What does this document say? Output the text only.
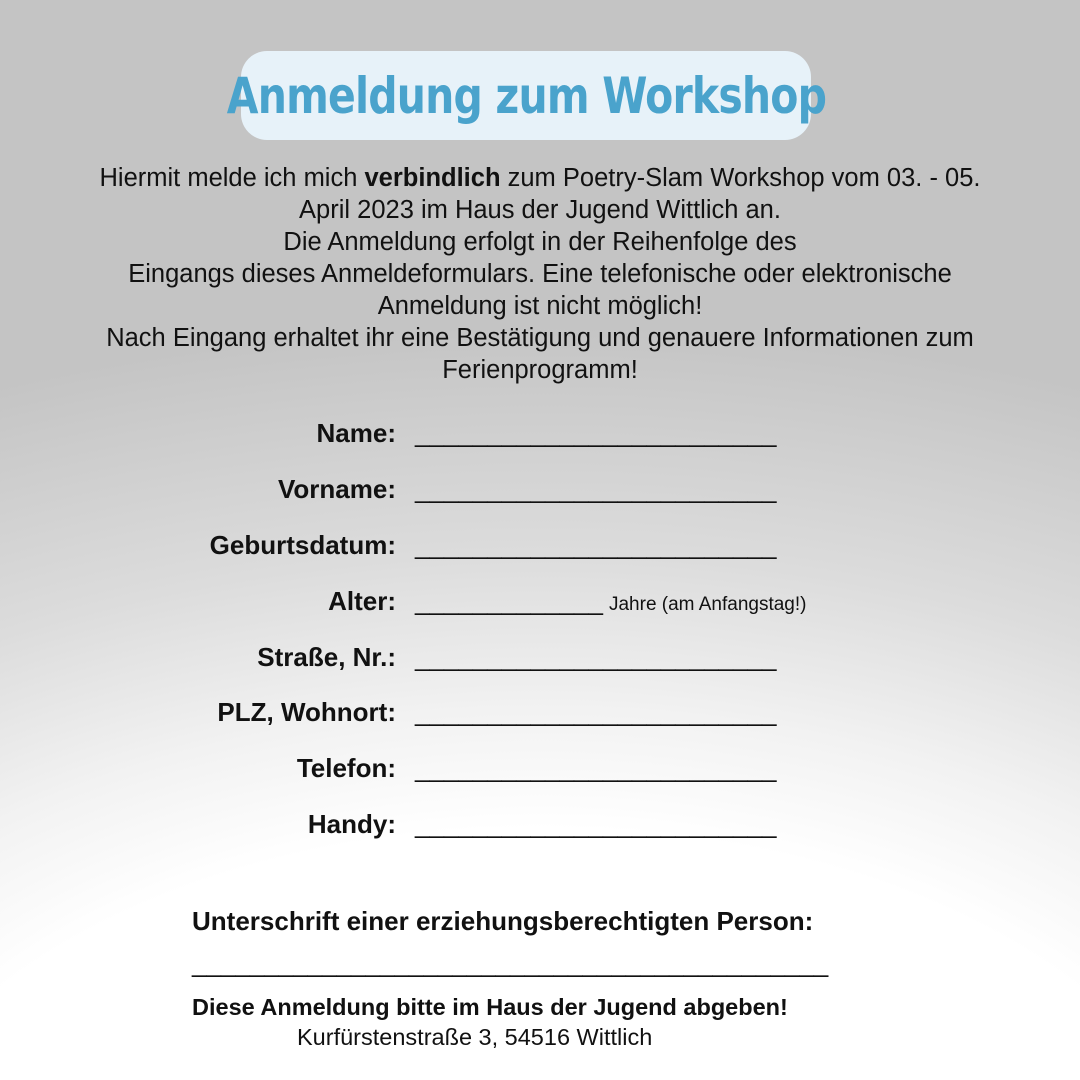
Anmeldung zum Workshop
Hiermit melde ich mich verbindlich zum Poetry-Slam Workshop vom 03. - 05.
April 2023 im Haus der Jugend Wittlich an.
Die Anmeldung erfolgt in der Reihenfolge des
Eingangs dieses Anmeldeformulars. Eine telefonische oder elektronische
Anmeldung ist nicht möglich!
Nach Eingang erhaltet ihr eine Bestätigung und genauere Informationen zum
Ferienprogramm!
Name: _________________________
Vorname: _________________________
Geburtsdatum: _________________________
Alter: _____________ Jahre (am Anfangstag!)
Straße, Nr.: _________________________
PLZ, Wohnort: _________________________
Telefon: _________________________
Handy: _________________________
Unterschrift einer erziehungsberechtigten Person:
____________________________________________
Diese Anmeldung bitte im Haus der Jugend abgeben!
Kurfürstenstraße 3, 54516 Wittlich
